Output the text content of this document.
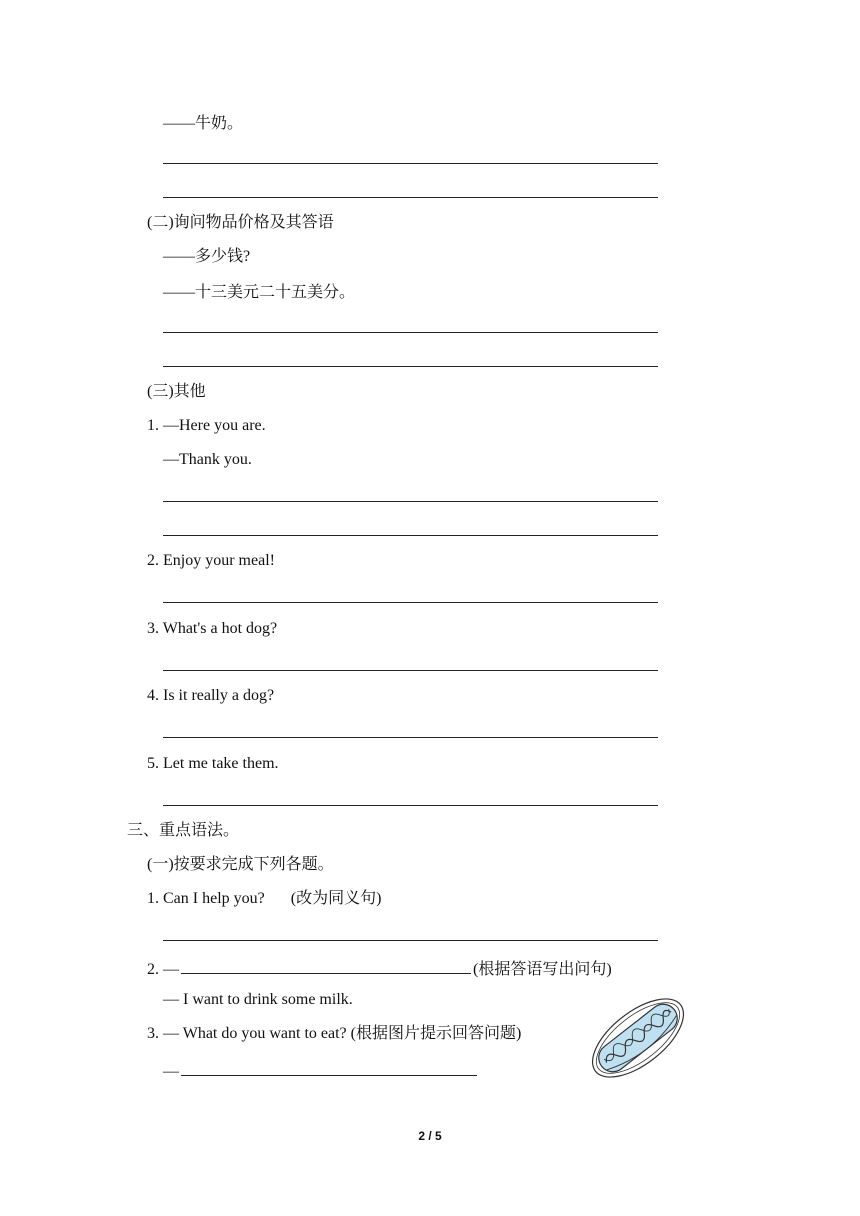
——牛奶。
(二)询问物品价格及其答语
——多少钱?
——十三美元二十五美分。
(三)其他
1. —Here you are.
—Thank you.
2. Enjoy your meal!
3. What's a hot dog?
4. Is it really a dog?
5. Let me take them.
三、重点语法。
(一)按要求完成下列各题。
1. Can I help you? (改为同义句)
2. —	(根据答语写出问句)
— I want to drink some milk.
3. — What do you want to eat? (根据图片提示回答问题)
—
2 / 5
